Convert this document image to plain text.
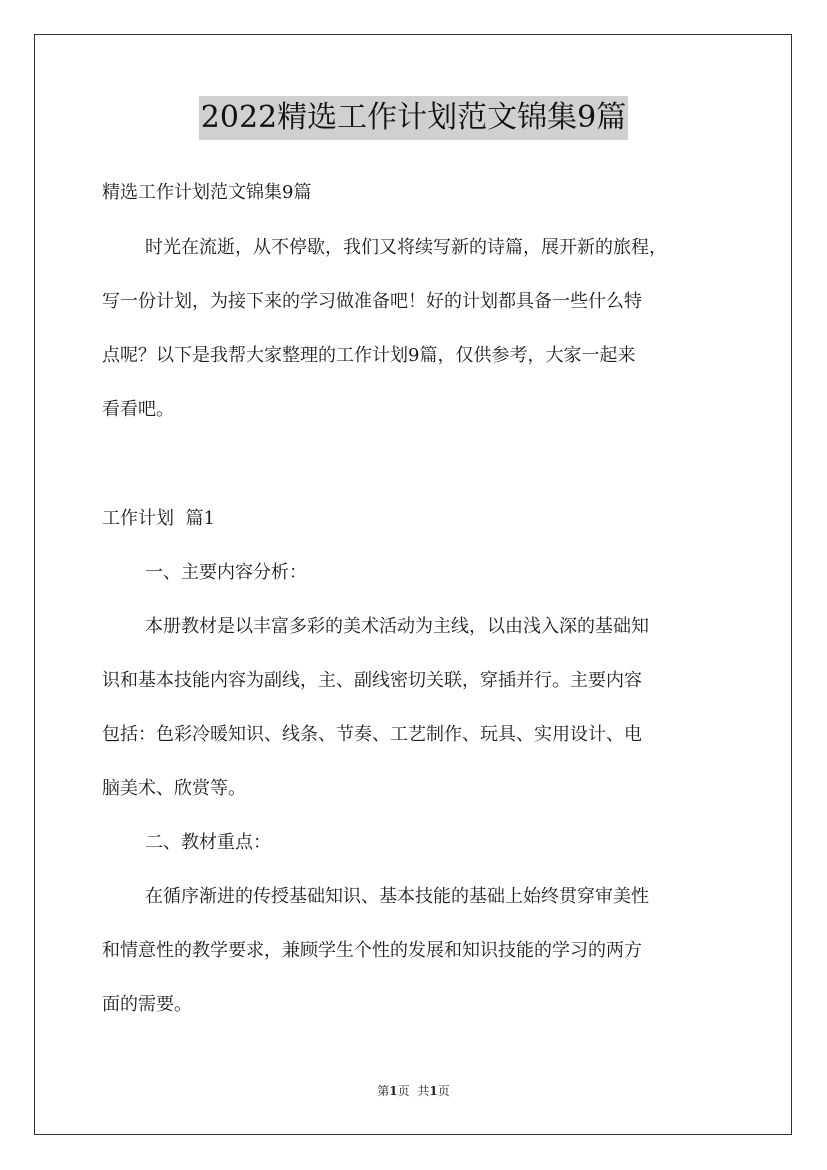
2022精选工作计划范文锦集9篇
精选工作计划范文锦集9篇
时光在流逝，从不停歇，我们又将续写新的诗篇，展开新的旅程，
写一份计划，为接下来的学习做准备吧！好的计划都具备一些什么特
点呢？以下是我帮大家整理的工作计划9篇，仅供参考，大家一起来
看看吧。
工作计划  篇1
一、主要内容分析：
本册教材是以丰富多彩的美术活动为主线，以由浅入深的基础知
识和基本技能内容为副线，主、副线密切关联，穿插并行。主要内容
包括：色彩冷暖知识、线条、节奏、工艺制作、玩具、实用设计、电
脑美术、欣赏等。
二、教材重点：
在循序渐进的传授基础知识、基本技能的基础上始终贯穿审美性
和情意性的教学要求，兼顾学生个性的发展和知识技能的学习的两方
面的需要。
第1页 共1页
